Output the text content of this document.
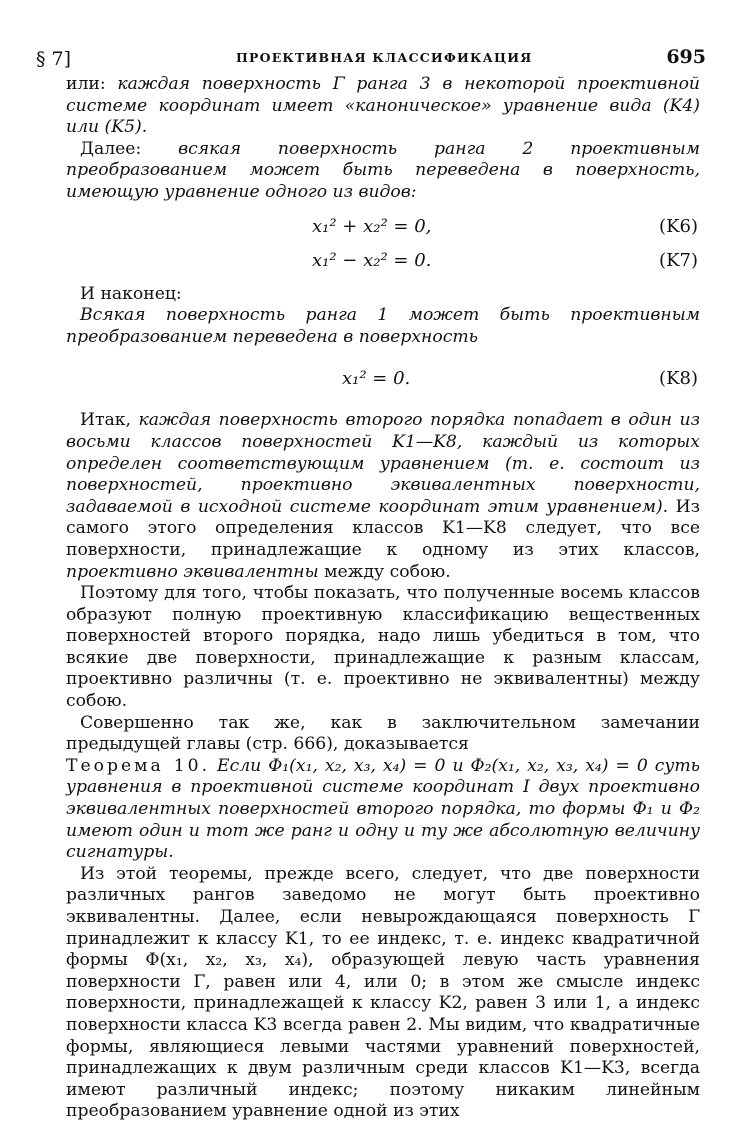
§ 7]	ПРОЕКТИВНАЯ КЛАССИФИКАЦИЯ	695

или: каждая поверхность Γ̅ ранга 3 в некоторой проективной системе координат имеет «каноническое» уравнение вида (K4) или (K5).

Далее: всякая поверхность ранга 2 проективным преобразованием может быть переведена в поверхность, имеющую уравнение одного из видов:

x₁² + x₂² = 0,	(K6)
x₁² − x₂² = 0.	(K7)

И наконец:

Всякая поверхность ранга 1 может быть проективным преобразованием переведена в поверхность

x₁² = 0.	(K8)

Итак, каждая поверхность второго порядка попадает в один из восьми классов поверхностей K1—K8, каждый из которых определен соответствующим уравнением (т. е. состоит из поверхностей, проективно эквивалентных поверхности, задаваемой в исходной системе координат этим уравнением). Из самого этого определения классов K1—K8 следует, что все поверхности, принадлежащие к одному из этих классов, проективно эквивалентны между собою.

Поэтому для того, чтобы показать, что полученные восемь классов образуют полную проективную классификацию вещественных поверхностей второго порядка, надо лишь убедиться в том, что всякие две поверхности, принадлежащие к разным классам, проективно различны (т. е. проективно не эквивалентны) между собою.

Совершенно так же, как в заключительном замечании предыдущей главы (стр. 666), доказывается

Теорема 10. Если Φ₁(x₁, x₂, x₃, x₄) = 0 и Φ₂(x₁, x₂, x₃, x₄) = 0 суть уравнения в проективной системе координат I двух проективно эквивалентных поверхностей второго порядка, то формы Φ₁ и Φ₂ имеют один и тот же ранг и одну и ту же абсолютную величину сигнатуры.

Из этой теоремы, прежде всего, следует, что две поверхности различных рангов заведомо не могут быть проективно эквивалентны. Далее, если невырождающаяся поверхность Γ̅ принадлежит к классу K1, то ее индекс, т. е. индекс квадратичной формы Φ(x₁, x₂, x₃, x₄), образующей левую часть уравнения поверхности Γ̅, равен или 4, или 0; в этом же смысле индекс поверхности, принадлежащей к классу K2, равен 3 или 1, а индекс поверхности класса K3 всегда равен 2. Мы видим, что квадратичные формы, являющиеся левыми частями уравнений поверхностей, принадлежащих к двум различным среди классов K1—K3, всегда имеют различный индекс; поэтому никаким линейным преобразованием уравнение одной из этих
